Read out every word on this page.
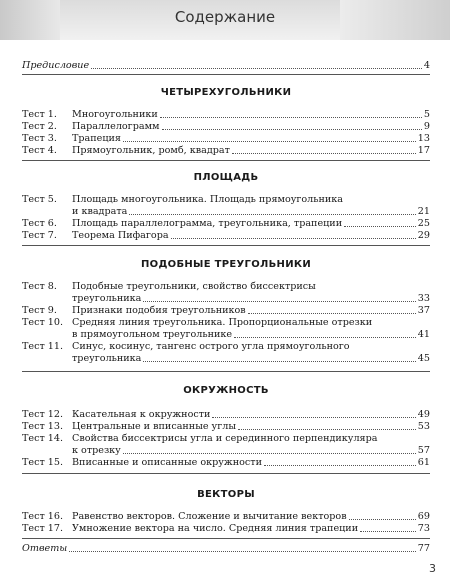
Содержание
Предисловие	4
ЧЕТЫРЕХУГОЛЬНИКИ
Тест 1.	Многоугольники	5
Тест 2.	Параллелограмм	9
Тест 3.	Трапеция	13
Тест 4.	Прямоугольник, ромб, квадрат	17
ПЛОЩАДЬ
Тест 5.	Площадь многоугольника. Площадь прямоугольника
и квадрата	21
Тест 6.	Площадь параллелограмма, треугольника, трапеции	25
Тест 7.	Теорема Пифагора	29
ПОДОБНЫЕ ТРЕУГОЛЬНИКИ
Тест 8.	Подобные треугольники, свойство биссектрисы
треугольника	33
Тест 9.	Признаки подобия треугольников	37
Тест 10. Средняя линия треугольника. Пропорциональные отрезки
в прямоугольном треугольнике	41
Тест 11. Синус, косинус, тангенс острого угла прямоугольного
треугольника	45
ОКРУЖНОСТЬ
Тест 12. Касательная к окружности	49
Тест 13. Центральные и вписанные углы	53
Тест 14. Свойства биссектрисы угла и серединного перпендикуляра
к отрезку	57
Тест 15. Вписанные и описанные окружности	61
ВЕКТОРЫ
Тест 16. Равенство векторов. Сложение и вычитание векторов	69
Тест 17. Умножение вектора на число. Средняя линия трапеции	73
Ответы	77
3
